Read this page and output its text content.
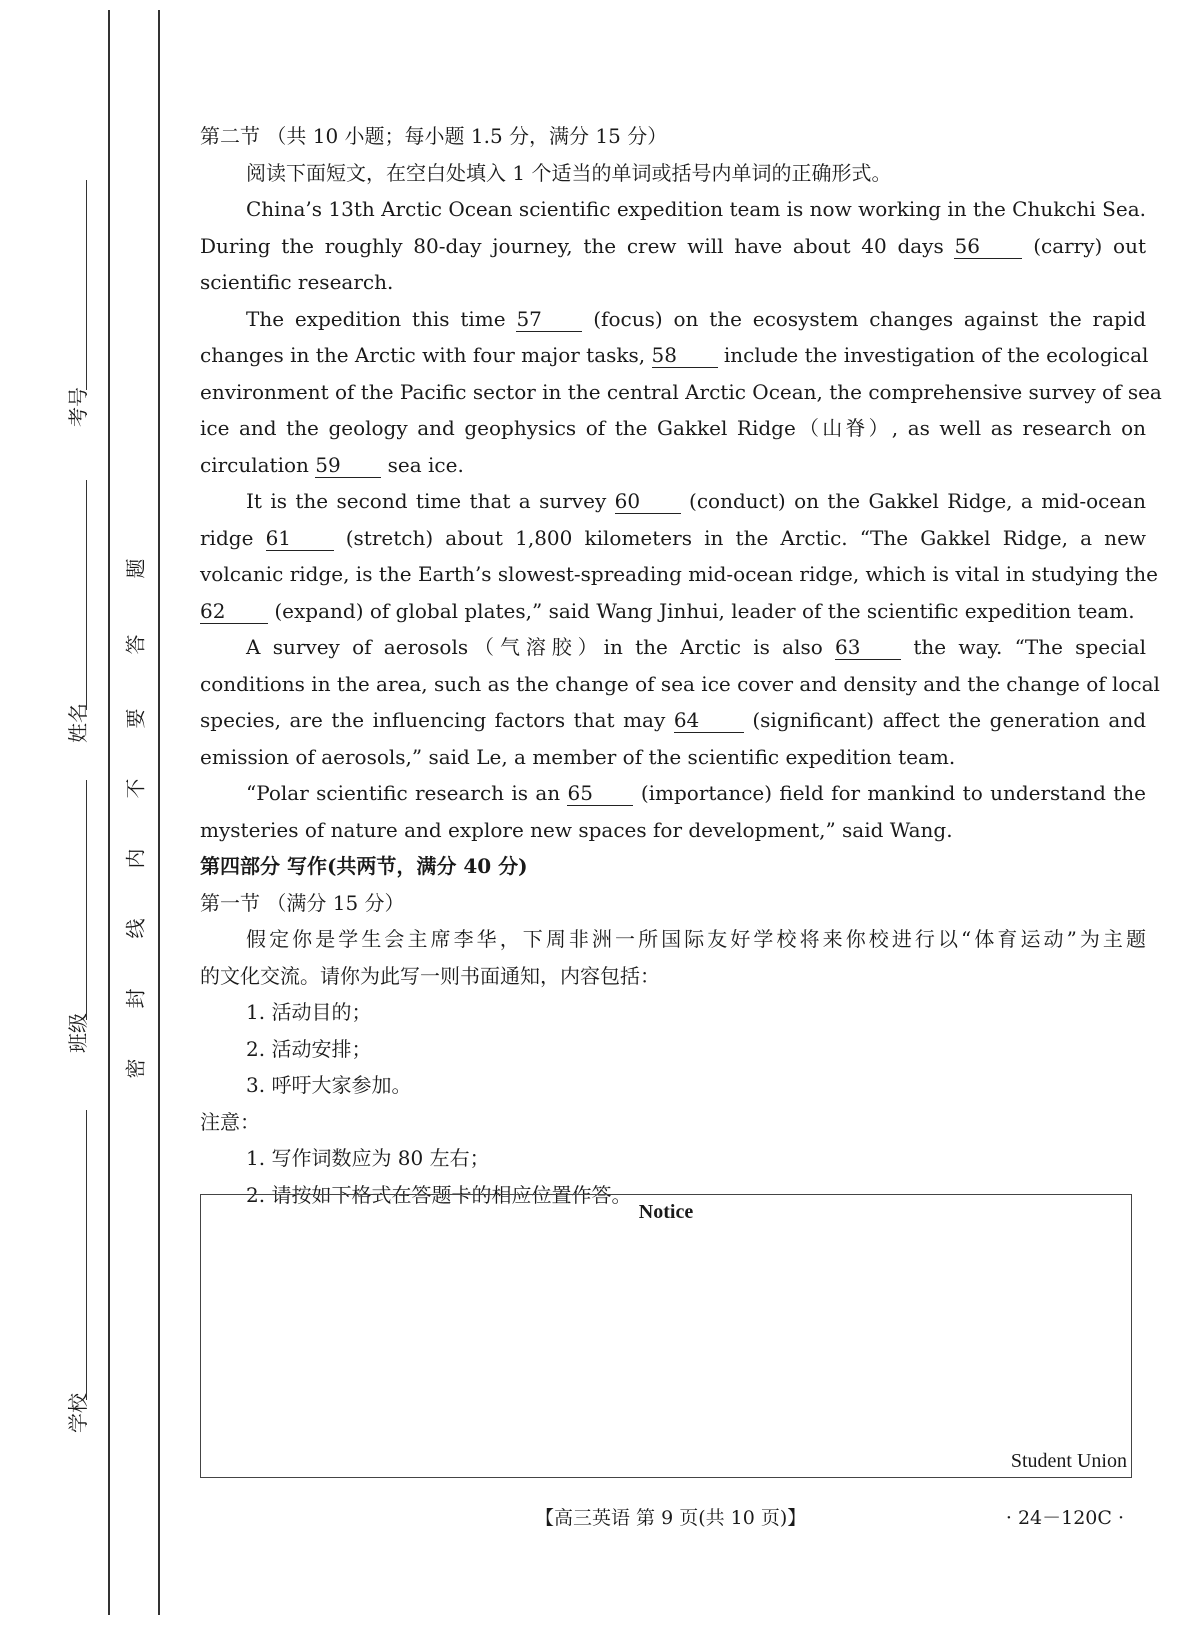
考号
姓名
班级
学校
密
封
线
内
不
要
答
题
第二节 （共 10 小题；每小题 1.5 分，满分 15 分）
阅读下面短文，在空白处填入 1 个适当的单词或括号内单词的正确形式。
China’s 13th Arctic Ocean scientific expedition team is now working in the Chukchi Sea.
During the roughly 80-day journey, the crew will have about 40 days 56	(carry) out
scientific research.
The expedition this time 57	(focus) on the ecosystem changes against the rapid
changes in the Arctic with four major tasks, 58 include the investigation of the ecological
environment of the Pacific sector in the central Arctic Ocean, the comprehensive survey of sea
ice and the geology and geophysics of the Gakkel Ridge（山脊）, as well as research on
circulation 59 sea ice.
It is the second time that a survey 60 (conduct) on the Gakkel Ridge, a mid-ocean
ridge 61	(stretch) about 1,800 kilometers in the Arctic. “The Gakkel Ridge, a new
volcanic ridge, is the Earth’s slowest-spreading mid-ocean ridge, which is vital in studying the
62 (expand) of global plates,” said Wang Jinhui, leader of the scientific expedition team.
A survey of aerosols（气溶胶）in the Arctic is also 63	the way. “The special
conditions in the area, such as the change of sea ice cover and density and the change of local
species, are the influencing factors that may 64	(significant) affect the generation and
emission of aerosols,” said Le, a member of the scientific expedition team.
“Polar scientific research is an 65 (importance) field for mankind to understand the
mysteries of nature and explore new spaces for development,” said Wang.
第四部分 写作(共两节，满分 40 分)
第一节 （满分 15 分）
假定你是学生会主席李华，下周非洲一所国际友好学校将来你校进行以“体育运动”为主题
的文化交流。请你为此写一则书面通知，内容包括：
1. 活动目的；
2. 活动安排；
3. 呼吁大家参加。
注意：
1. 写作词数应为 80 左右；
2. 请按如下格式在答题卡的相应位置作答。
Notice
Student Union
【高三英语 第 9 页(共 10 页)】	· 24－120C ·
